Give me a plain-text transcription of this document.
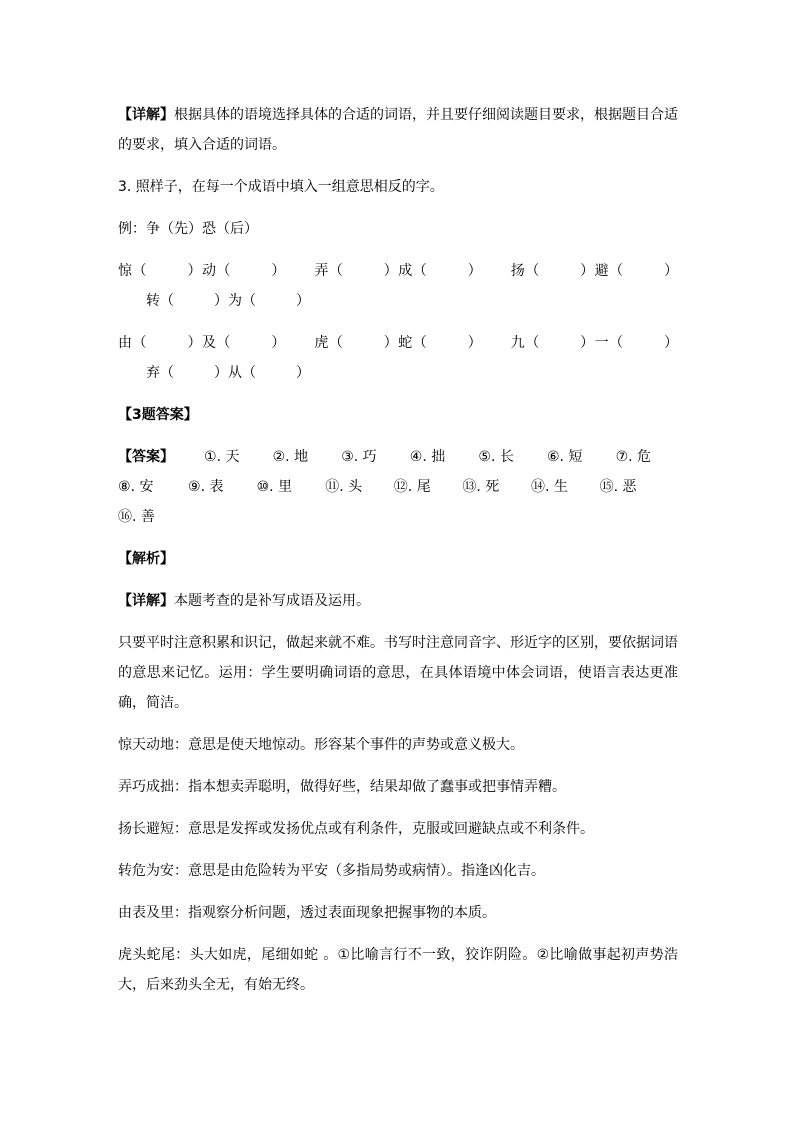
【详解】根据具体的语境选择具体的合适的词语，并且要仔细阅读题目要求，根据题目合适的要求，填入合适的词语。

3. 照样子，在每一个成语中填入一组意思相反的字。

例：争（先）恐（后）

惊（	）动（	） 弄（	）成（	） 扬（	）避（	）转（	）为（	）

由（	）及（	） 虎（	）蛇（	） 九（	）一（	）弃（	）从（	）

【3题答案】

【答案】	①. 天	②. 地	③. 巧	④. 拙	⑤. 长	⑥. 短	⑦. 危
⑧. 安	⑨. 表	⑩. 里	⑪. 头	⑫. 尾	⑬. 死	⑭. 生	⑮. 恶
⑯. 善

【解析】

【详解】本题考查的是补写成语及运用。

只要平时注意积累和识记，做起来就不难。书写时注意同音字、形近字的区别，要依据词语的意思来记忆。运用：学生要明确词语的意思，在具体语境中体会词语，使语言表达更准确，简洁。

惊天动地：意思是使天地惊动。形容某个事件的声势或意义极大。

弄巧成拙：指本想卖弄聪明，做得好些，结果却做了蠢事或把事情弄糟。

扬长避短：意思是发挥或发扬优点或有利条件，克服或回避缺点或不利条件。

转危为安：意思是由危险转为平安（多指局势或病情）。指逢凶化吉。

由表及里：指观察分析问题，透过表面现象把握事物的本质。

虎头蛇尾：头大如虎，尾细如蛇 。①比喻言行不一致，狡诈阴险。②比喻做事起初声势浩大，后来劲头全无，有始无终。
